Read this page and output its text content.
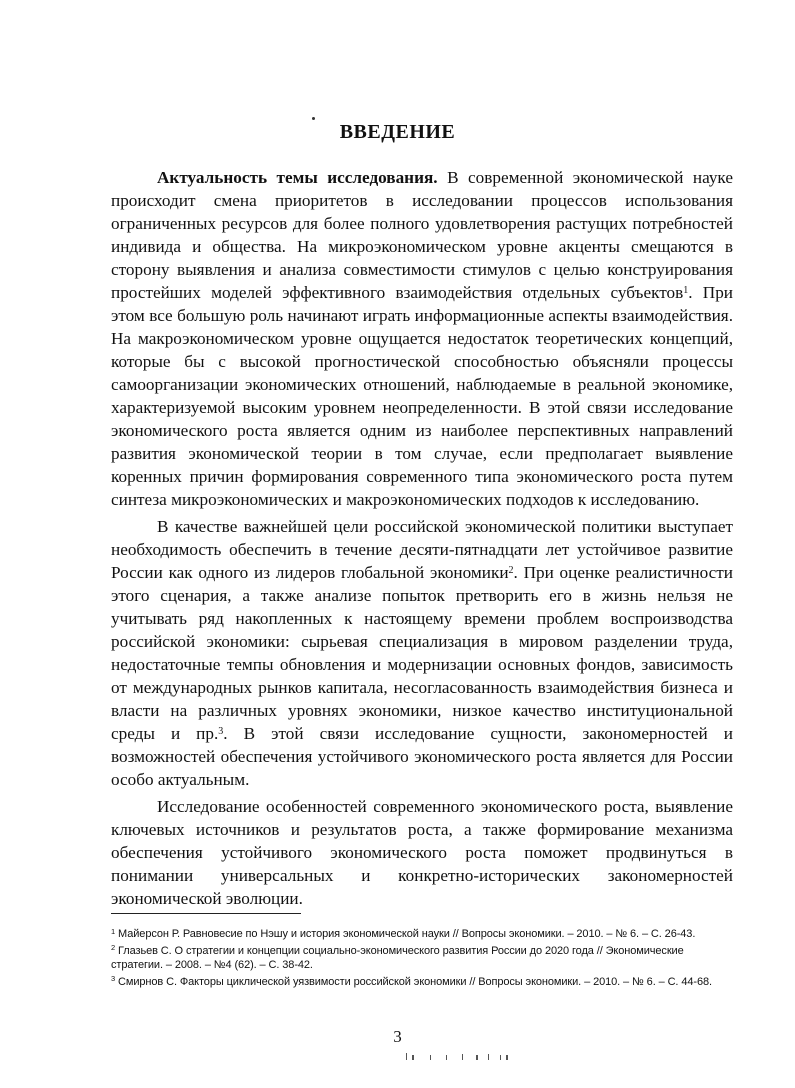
ВВЕДЕНИЕ

Актуальность темы исследования. В современной экономической науке происходит смена приоритетов в исследовании процессов использования ограниченных ресурсов для более полного удовлетворения растущих потребностей индивида и общества. На микроэкономическом уровне акценты смещаются в сторону выявления и анализа совместимости стимулов с целью конструирования простейших моделей эффективного взаимодействия отдельных субъектов$^1$. При этом все большую роль начинают играть информационные аспекты взаимодействия. На макроэкономическом уровне ощущается недостаток теоретических концепций, которые бы с высокой прогностической способностью объясняли процессы самоорганизации экономических отношений, наблюдаемые в реальной экономике, характеризуемой высоким уровнем неопределенности. В этой связи исследование экономического роста является одним из наиболее перспективных направлений развития экономической теории в том случае, если предполагает выявление коренных причин формирования современного типа экономического роста путем синтеза микроэкономических и макроэкономических подходов к исследованию.

В качестве важнейшей цели российской экономической политики выступает необходимость обеспечить в течение десяти-пятнадцати лет устойчивое развитие России как одного из лидеров глобальной экономики$^2$. При оценке реалистичности этого сценария, а также анализе попыток претворить его в жизнь нельзя не учитывать ряд накопленных к настоящему времени проблем воспроизводства российской экономики: сырьевая специализация в мировом разделении труда, недостаточные темпы обновления и модернизации основных фондов, зависимость от международных рынков капитала, несогласованность взаимодействия бизнеса и власти на различных уровнях экономики, низкое качество институциональной среды и пр.$^3$. В этой связи исследование сущности, закономерностей и возможностей обеспечения устойчивого экономического роста является для России особо актуальным.

Исследование особенностей современного экономического роста, выявление ключевых источников и результатов роста, а также формирование механизма обеспечения устойчивого экономического роста поможет продвинуться в понимании универсальных и конкретно-исторических закономерностей экономической эволюции.

$^1$ Майерсон Р. Равновесие по Нэшу и история экономической науки // Вопросы экономики. – 2010. – № 6. – С. 26-43.
$^2$ Глазьев С. О стратегии и концепции социально-экономического развития России до 2020 года // Экономические стратегии. – 2008. – №4 (62). – С. 38-42.
$^3$ Смирнов С. Факторы циклической уязвимости российской экономики // Вопросы экономики. – 2010. – № 6. – С. 44-68.
3
